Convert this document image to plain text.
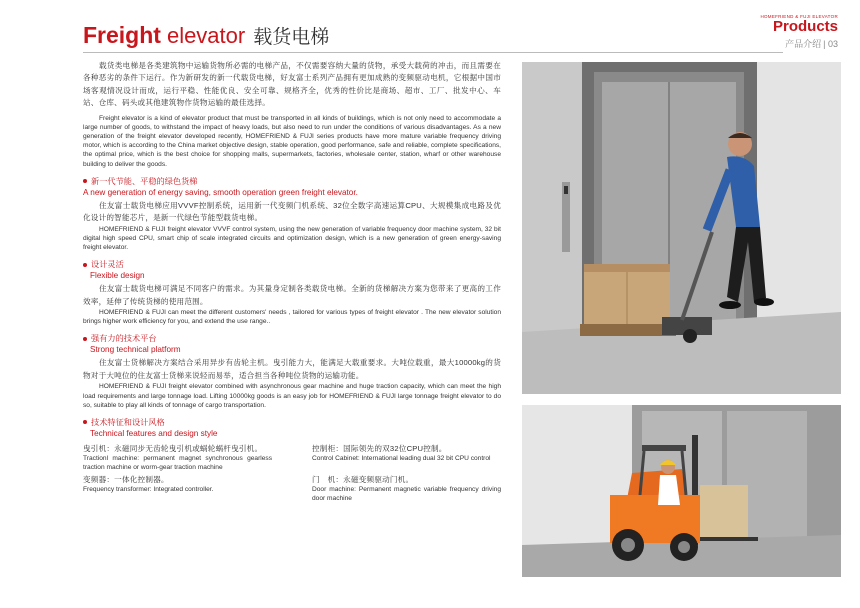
Freight elevator 载货电梯
HOMEFRIEND & FUJI ELEVATOR
Products
产品介绍 | 03

载货类电梯是各类建筑物中运输货物所必需的电梯产品，不仅需要容纳大量的货物，承受大载荷的冲击，而且需要在各种恶劣的条件下运行。作为新研发的新一代载货电梯，好友富士系列产品拥有更加成熟的变频驱动电机，它根据中国市场客观情况设计而成，运行平稳、性能优良、安全可靠、规格齐全，优秀的性价比是商场、超市、工厂、批发中心、车站、仓库、码头或其他建筑物作货物运输的最佳选择。

Freight elevator is a kind of elevator product that must be transported in all kinds of buildings, which is not only need to accommodate a large number of goods, to withstand the impact of heavy loads, but also need to run under the conditions of various disadvantages. As a new generation of the freight elevator developed recently, HOMEFRIEND & FUJI series products have more mature variable frequency driving motor, which is according to the China market objective design, stable operation, good performance, safe and reliable, complete specifications, the optimal price, which is the best choice for shopping malls, supermarkets, factories, wholesale center, station, wharf or other warehouse building to deliver the goods.

新一代节能、平稳的绿色货梯
A new generation of energy saving, smooth operation green freight elevator.

住友富士载货电梯应用VVVF控制系统，运用新一代变频门机系统、32位全数字高速运算CPU、大规模集成电路及优化设计的智能芯片，是新一代绿色节能型载货电梯。

HOMEFRIEND & FUJI freight elevator VVVF control system, using the new generation of variable frequency door machine system, 32 bit digital high speed CPU, smart chip of scale integrated circuits and optimization design, which is a new generation of green energy-saving freight elevator.

设计灵活
Flexible design

住友富士载货电梯可满足不同客户的需求。为其量身定制各类载货电梯。全新的货梯解决方案为您带来了更高的工作效率，延伸了传统货梯的使用范围。

HOMEFRIEND & FUJI can meet the different customers' needs , tailored for various types of freight elevator . The new elevator solution brings higher work efficiency for you, and extend the use range..

强有力的技术平台
Strong technical platform

住友富士货梯解决方案结合采用异步有齿轮主机。曳引能力大，能满足大载重要求。大吨位载重，最大10000kg的货物对于大吨位的住友富士货梯来说轻而易举，适合担当各种吨位货物的运输功能。

HOMEFRIEND & FUJI freight elevator combined with asynchronous gear machine and huge traction capacity, which can meet the high load requirements and large tonnage load. Lifting 10000kg goods is an easy job for HOMEFRIEND & FUJI large tonnage freight elevator to do so, suitable to play all kinds of tonnage of cargo transportation.

技术特征和设计风格
Technical features and design style

曳引机：永磁同步无齿轮曳引机或蜗轮蜗杆曳引机。

Tractionl machine: permanent magnet synchronous gearless traction machine or worm-gear traction machine

控制柜：国际领先的双32位CPU控制。

Control Cabinet: International leading dual 32 bit CPU control

变频器：一体化控制器。

Frequency transformer: Integrated controller.

门　机：永磁变频驱动门机。

Door machine: Permanent magnetic variable frequency driving door machine
